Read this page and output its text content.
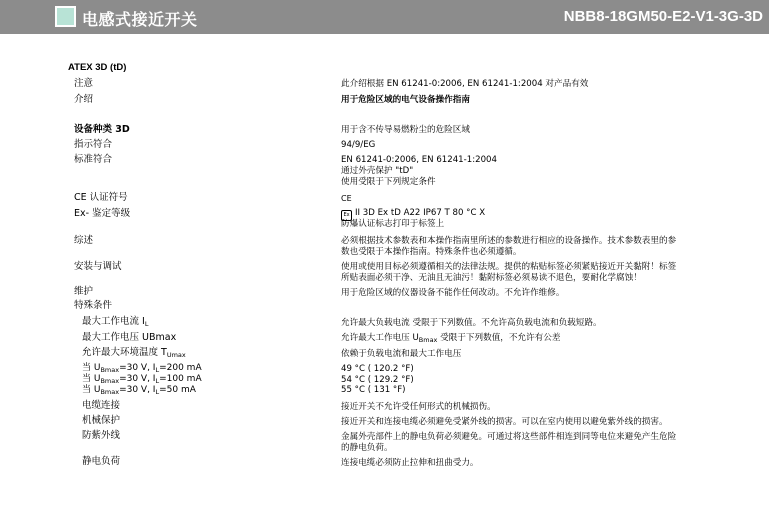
电感式接近开关	NBB8-18GM50-E2-V1-3G-3D
ATEX 3D (tD)
注意	此介绍根据 EN 61241-0:2006, EN 61241-1:2004 对产品有效
介绍	用于危险区域的电气设备操作指南
设备种类 3D	用于含不传导易燃粉尘的危险区域
指示符合	94/9/EG
标准符合	EN 61241-0:2006, EN 61241-1:2004
通过外壳保护 "tD"
使用受限于下列规定条件
CE 认证符号	CE
Ex- 鉴定等级	Ex II 3D Ex tD A22 IP67 T 80 °C X
防爆认证标志打印于标签上
综述	必须根据技术参数表和本操作指南里所述的参数进行相应的设备操作。技术参数表里的参
数也受限于本操作指南。特殊条件也必须遵循。
安装与调试	使用或使用目标必须遵循相关的法律法规。提供的粘贴标签必须紧贴接近开关黏附！标签
所贴表面必须干净、无油且无油污！黏附标签必须易读不退色，要耐化学腐蚀！
维护	用于危险区域的仪器设备不能作任何改动。不允许作维修。
特殊条件
最大工作电流 $I_L$	允许最大负载电流 受限于下列数值。不允许高负载电流和负载短路。
最大工作电压 UBmax	允许最大工作电压 $U_{Bmax}$ 受限于下列数值，不允许有公差
允许最大环境温度 $T_{Umax}$	依赖于负载电流和最大工作电压
当 $U_{Bmax}=30$ V, $I_L=200$ mA	49 °C ( 120.2 °F)
当 $U_{Bmax}=30$ V, $I_L=100$ mA	54 °C ( 129.2 °F)
当 $U_{Bmax}=30$ V, $I_L=50$ mA	55 °C ( 131 °F)
电缆连接	接近开关不允许受任何形式的机械损伤。
机械保护	接近开关和连接电缆必须避免受紧外线的损害。可以在室内使用以避免紫外线的损害。
防紫外线	金属外壳部件上的静电负荷必须避免。可通过将这些部件相连到同等电位来避免产生危险
的静电负荷。
静电负荷	连接电缆必须防止拉伸和扭曲受力。
